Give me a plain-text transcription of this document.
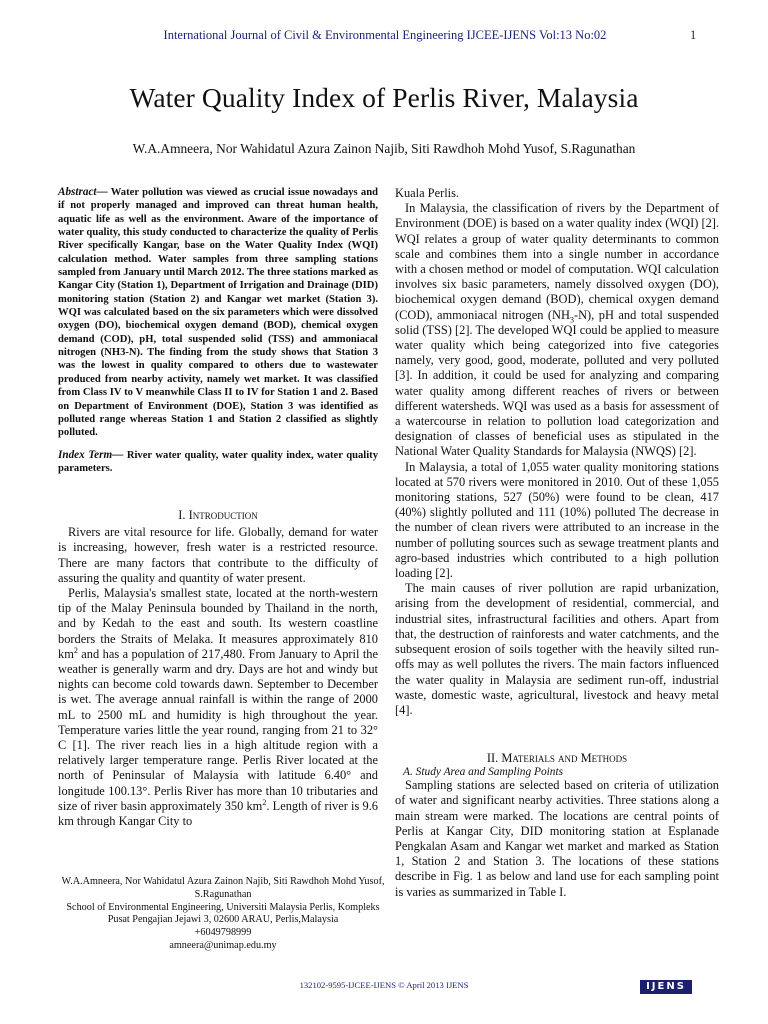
International Journal of Civil & Environmental Engineering IJCEE-IJENS Vol:13 No:02	1
Water Quality Index of Perlis River, Malaysia

W.A.Amneera, Nor Wahidatul Azura Zainon Najib, Siti Rawdhoh Mohd Yusof, S.Ragunathan

Abstract— Water pollution was viewed as crucial issue nowadays and if not properly managed and improved can threat human health, aquatic life as well as the environment. Aware of the importance of water quality, this study conducted to characterize the quality of Perlis River specifically Kangar, base on the Water Quality Index (WQI) calculation method. Water samples from three sampling stations sampled from January until March 2012. The three stations marked as Kangar City (Station 1), Department of Irrigation and Drainage (DID) monitoring station (Station 2) and Kangar wet market (Station 3). WQI was calculated based on the six parameters which were dissolved oxygen (DO), biochemical oxygen demand (BOD), chemical oxygen demand (COD), pH, total suspended solid (TSS) and ammoniacal nitrogen (NH3-N). The finding from the study shows that Station 3 was the lowest in quality compared to others due to wastewater produced from nearby activity, namely wet market. It was classified from Class IV to V meanwhile Class II to IV for Station 1 and 2. Based on Department of Environment (DOE), Station 3 was identified as polluted range whereas Station 1 and Station 2 classified as slightly polluted.

Index Term— River water quality, water quality index, water quality parameters.

I. Introduction

Rivers are vital resource for life. Globally, demand for water is increasing, however, fresh water is a restricted resource. There are many factors that contribute to the difficulty of assuring the quality and quantity of water present.

Perlis, Malaysia's smallest state, located at the north-western tip of the Malay Peninsula bounded by Thailand in the north, and by Kedah to the east and south. Its western coastline borders the Straits of Melaka. It measures approximately 810 $km^2$ and has a population of 217,480. From January to April the weather is generally warm and dry. Days are hot and windy but nights can become cold towards dawn. September to December is wet. The average annual rainfall is within the range of 2000 mL to 2500 mL and humidity is high throughout the year. Temperature varies little the year round, ranging from 21 to 32° C [1]. The river reach lies in a high altitude region with a relatively larger temperature range. Perlis River located at the north of Peninsular of Malaysia with latitude 6.40° and longitude 100.13°. Perlis River has more than 10 tributaries and size of river basin approximately 350 $km^2$. Length of river is 9.6 km through Kangar City to

W.A.Amneera, Nor Wahidatul Azura Zainon Najib, Siti Rawdhoh Mohd Yusof, S.Ragunathan
School of Environmental Engineering, Universiti Malaysia Perlis, Kompleks Pusat Pengajian Jejawi 3, 02600 ARAU, Perlis,Malaysia
+6049798999
amneera@unimap.edu.my

Kuala Perlis.

In Malaysia, the classification of rivers by the Department of Environment (DOE) is based on a water quality index (WQI) [2]. WQI relates a group of water quality determinants to common scale and combines them into a single number in accordance with a chosen method or model of computation. WQI calculation involves six basic parameters, namely dissolved oxygen (DO), biochemical oxygen demand (BOD), chemical oxygen demand (COD), ammoniacal nitrogen $(NH_3-N)$, pH and total suspended solid (TSS) [2]. The developed WQI could be applied to measure water quality which being categorized into five categories namely, very good, good, moderate, polluted and very polluted [3]. In addition, it could be used for analyzing and comparing water quality among different reaches of rivers or between different watersheds. WQI was used as a basis for assessment of a watercourse in relation to pollution load categorization and designation of classes of beneficial uses as stipulated in the National Water Quality Standards for Malaysia (NWQS) [2].

In Malaysia, a total of 1,055 water quality monitoring stations located at 570 rivers were monitored in 2010. Out of these 1,055 monitoring stations, 527 (50%) were found to be clean, 417 (40%) slightly polluted and 111 (10%) polluted The decrease in the number of clean rivers were attributed to an increase in the number of polluting sources such as sewage treatment plants and agro-based industries which contributed to a high pollution loading [2].

The main causes of river pollution are rapid urbanization, arising from the development of residential, commercial, and industrial sites, infrastructural facilities and others. Apart from that, the destruction of rainforests and water catchments, and the subsequent erosion of soils together with the heavily silted run-offs may as well pollutes the rivers. The main factors influenced the water quality in Malaysia are sediment run-off, industrial waste, domestic waste, agricultural, livestock and heavy metal [4].

II. Materials and Methods

A. Study Area and Sampling Points

Sampling stations are selected based on criteria of utilization of water and significant nearby activities. Three stations along a main stream were marked. The locations are central points of Perlis at Kangar City, DID monitoring station at Esplanade Pengkalan Asam and Kangar wet market and marked as Station 1, Station 2 and Station 3. The locations of these stations describe in Fig. 1 as below and land use for each sampling point is varies as summarized in Table I.

132102-9595-IJCEE-IJENS © April 2013 IJENS	IJENS
